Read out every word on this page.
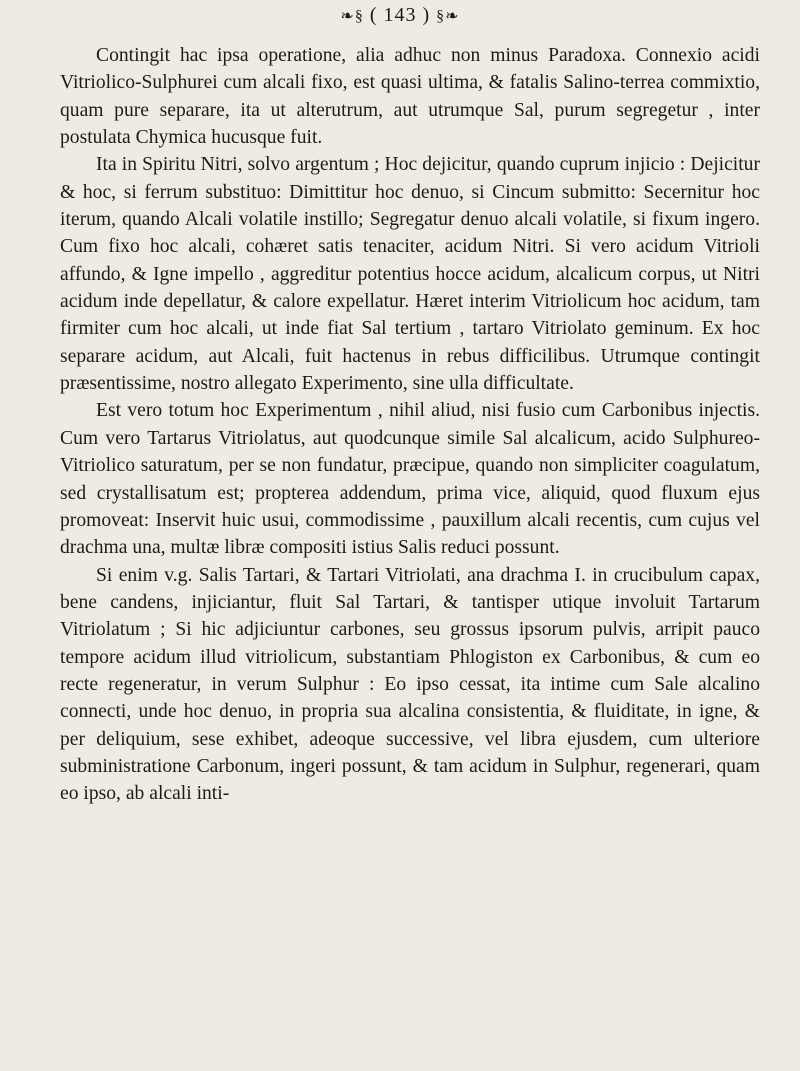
❧§ ( 143 ) §❧

Contingit hac ipsa operatione, alia adhuc non minus Paradoxa. Connexio acidi Vitriolico-Sulphurei cum alcali fixo, est quasi ultima, & fatalis Salino-terrea commixtio, quam pure separare, ita ut alterutrum, aut utrumque Sal, purum segregetur , inter postulata Chymica hucusque fuit.

Ita in Spiritu Nitri, solvo argentum ; Hoc dejicitur, quando cuprum injicio : Dejicitur & hoc, si ferrum substituo: Dimittitur hoc denuo, si Cincum submitto: Secernitur hoc iterum, quando Alcali volatile instillo; Segregatur denuo alcali volatile, si fixum ingero. Cum fixo hoc alcali, cohæret satis tenaciter, acidum Nitri. Si vero acidum Vitrioli affundo, & Igne impello , aggreditur potentius hocce acidum, alcalicum corpus, ut Nitri acidum inde depellatur, & calore expellatur. Hæret interim Vitriolicum hoc acidum, tam firmiter cum hoc alcali, ut inde fiat Sal tertium , tartaro Vitriolato geminum. Ex hoc separare acidum, aut Alcali, fuit hactenus in rebus difficilibus. Utrumque contingit præsentissime, nostro allegato Experimento, sine ulla difficultate.

Est vero totum hoc Experimentum , nihil aliud, nisi fusio cum Carbonibus injectis. Cum vero Tartarus Vitriolatus, aut quodcunque simile Sal alcalicum, acido Sulphureo-Vitriolico saturatum, per se non fundatur, præcipue, quando non simpliciter coagulatum, sed crystallisatum est; propterea addendum, prima vice, aliquid, quod fluxum ejus promoveat: Inservit huic usui, commodissime , pauxillum alcali recentis, cum cujus vel drachma una, multæ libræ compositi istius Salis reduci possunt.

Si enim v.g. Salis Tartari, & Tartari Vitriolati, ana drachma I. in crucibulum capax, bene candens, injiciantur, fluit Sal Tartari, & tantisper utique involuit Tartarum Vitriolatum ; Si hic adjiciuntur carbones, seu grossus ipsorum pulvis, arripit pauco tempore acidum illud vitriolicum, substantiam Phlogiston ex Carbonibus, & cum eo recte regeneratur, in verum Sulphur : Eo ipso cessat, ita intime cum Sale alcalino connecti, unde hoc denuo, in propria sua alcalina consistentia, & fluiditate, in igne, & per deliquium, sese exhibet, adeoque successive, vel libra ejusdem, cum ulteriore subministratione Carbonum, ingeri possunt, & tam acidum in Sulphur, regenerari, quam eo ipso, ab alcali inti-
